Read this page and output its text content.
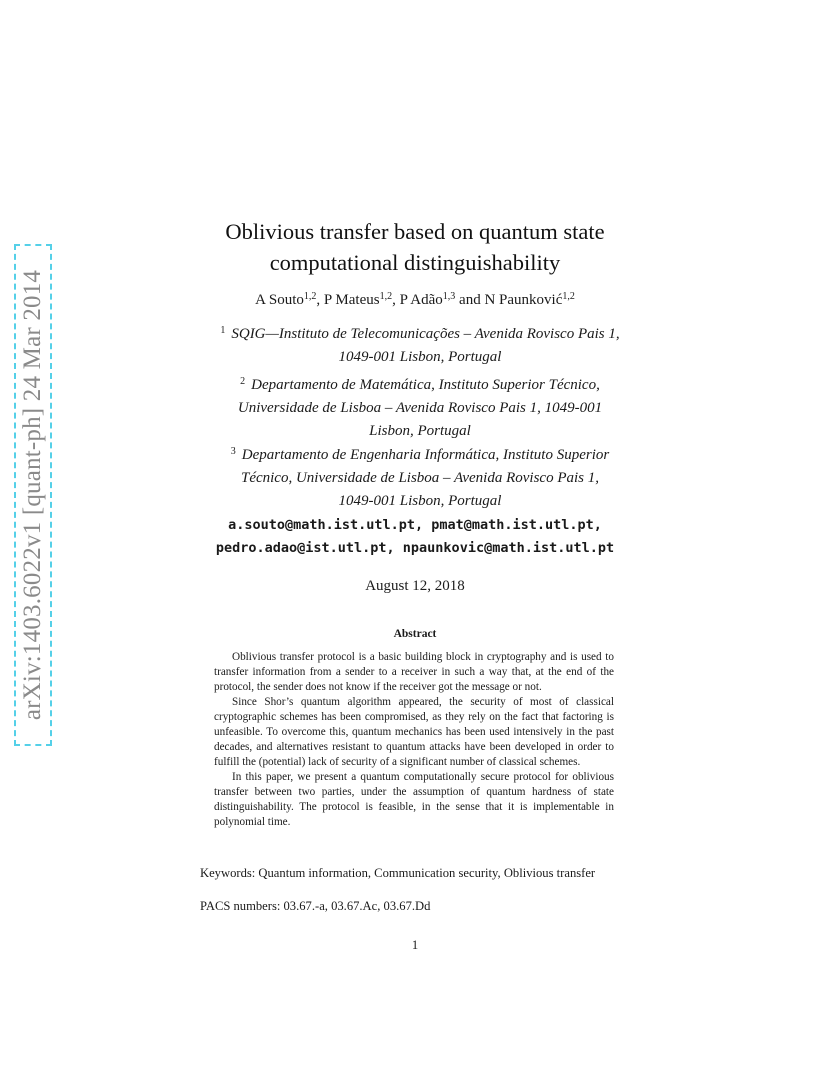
arXiv:1403.6022v1 [quant-ph] 24 Mar 2014
Oblivious transfer based on quantum state
computational distinguishability
A Souto$^{1,2}$, P Mateus$^{1,2}$, P Adão$^{1,3}$ and N Paunković$^{1,2}$
$^1$ SQIG—Instituto de Telecomunicações – Avenida Rovisco Pais 1,
1049-001 Lisbon, Portugal
$^2$ Departamento de Matemática, Instituto Superior Técnico,
Universidade de Lisboa – Avenida Rovisco Pais 1, 1049-001
Lisbon, Portugal
$^3$ Departamento de Engenharia Informática, Instituto Superior
Técnico, Universidade de Lisboa – Avenida Rovisco Pais 1,
1049-001 Lisbon, Portugal
a.souto@math.ist.utl.pt, pmat@math.ist.utl.pt,
pedro.adao@ist.utl.pt, npaunkovic@math.ist.utl.pt
August 12, 2018
Abstract

Oblivious transfer protocol is a basic building block in cryptography and is used to transfer information from a sender to a receiver in such a way that, at the end of the protocol, the sender does not know if the receiver got the message or not.

Since Shor’s quantum algorithm appeared, the security of most of classical cryptographic schemes has been compromised, as they rely on the fact that factoring is unfeasible. To overcome this, quantum mechanics has been used intensively in the past decades, and alternatives resistant to quantum attacks have been developed in order to fulfill the (potential) lack of security of a significant number of classical schemes.

In this paper, we present a quantum computationally secure protocol for oblivious transfer between two parties, under the assumption of quantum hardness of state distinguishability. The protocol is feasible, in the sense that it is implementable in polynomial time.

Keywords: Quantum information, Communication security, Oblivious transfer
PACS numbers: 03.67.-a, 03.67.Ac, 03.67.Dd
1
